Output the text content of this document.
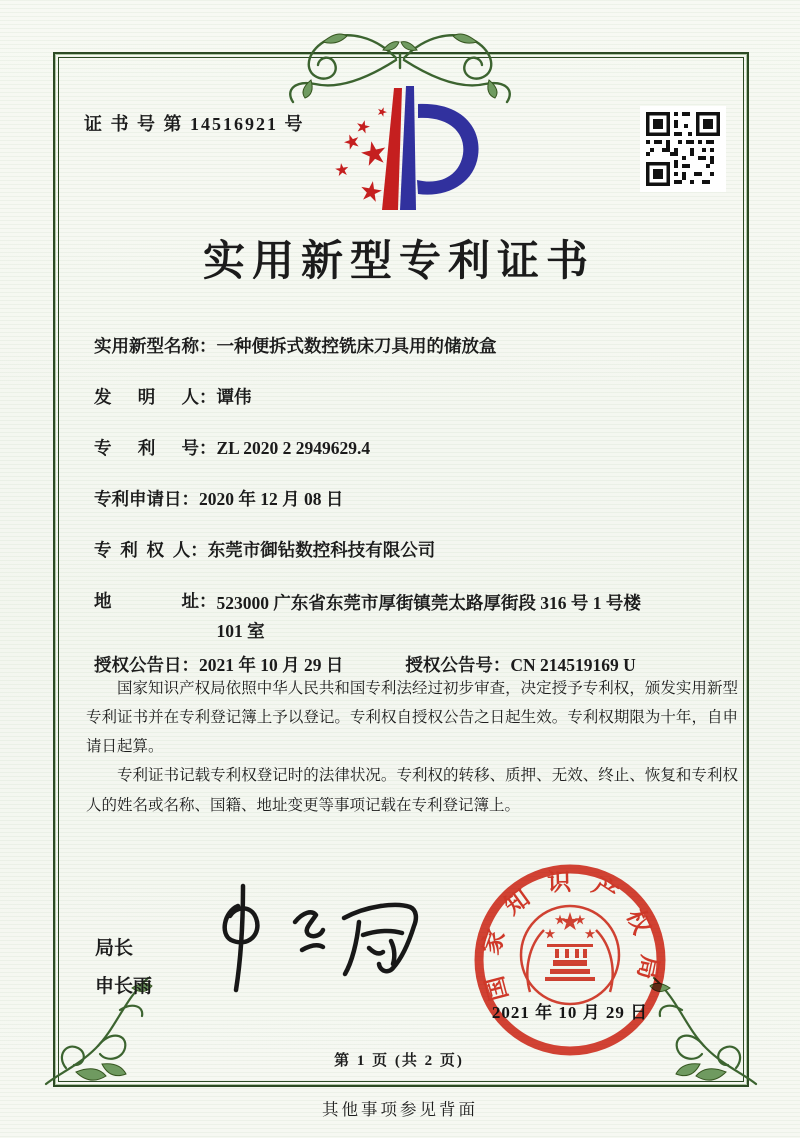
证 书 号 第 14516921 号
实用新型专利证书
实用新型名称： 一种便拆式数控铣床刀具用的储放盒
发　 明　 人： 谭伟
专　 利　 号： ZL 2020 2 2949629.4
专利申请日： 2020 年 12 月 08 日
专 利 权 人： 东莞市御钻数控科技有限公司
地　　　　址： 523000 广东省东莞市厚街镇莞太路厚街段 316 号 1 号楼 101 室
授权公告日： 2021 年 10 月 29 日	授权公告号： CN 214519169 U

国家知识产权局依照中华人民共和国专利法经过初步审查，决定授予专利权，颁发实用新型专利证书并在专利登记簿上予以登记。专利权自授权公告之日起生效。专利权期限为十年，自申请日起算。

专利证书记载专利权登记时的法律状况。专利权的转移、质押、无效、终止、恢复和专利权人的姓名或名称、国籍、地址变更等事项记载在专利登记簿上。

局长
申长雨	国家知识产权局
2021 年 10 月 29 日
第 1 页 (共 2 页)
其他事项参见背面
